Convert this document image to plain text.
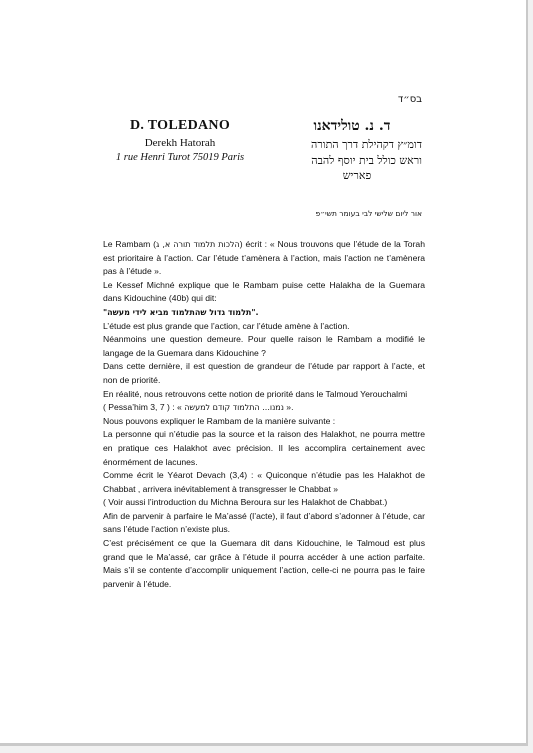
בס״ד
D. TOLEDANO
Derekh Hatorah
1 rue Henri Turot 75019 Paris
ד. נ. טולידאנו
דומ״ץ דקהילת דרך התורה
וראש כולל בית יוסף להבה
פאריש
אור ליום שלישי לבי בעומר תשי״פ

Le Rambam (הלכות תלמוד תורה א, ג) écrit : « Nous trouvons que l’étude de la Torah est prioritaire à l’action. Car l’étude t’amènera à l’action, mais l’action ne t’amènera pas à l’étude ».

Le Kessef Michné explique que le Rambam puise cette Halakha de la Guemara dans Kidouchine (40b) qui dit:

"תלמוד גדול שהתלמוד מביא לידי מעשה".

L’étude est plus grande que l’action, car l’étude amène à l’action.

Néanmoins une question demeure. Pour quelle raison le Rambam a modifié le langage de la Guemara dans Kidouchine ?

Dans cette dernière, il est question de grandeur de l’étude par rapport à l’acte, et non de priorité.

En réalité, nous retrouvons cette notion de priorité dans le Talmoud Yerouchalmi

( Pessa’him 3, 7 ) : « נמנו... התלמוד קודם למעשה ».

Nous pouvons expliquer le Rambam de la manière suivante :

La personne qui n’étudie pas la source et la raison des Halakhot, ne pourra mettre en pratique ces Halakhot avec précision. Il les accomplira certainement avec énormément de lacunes.

Comme écrit le Yéarot Devach (3,4) : « Quiconque n’étudie pas les Halakhot de Chabbat , arrivera inévitablement à transgresser le Chabbat »

( Voir aussi l’introduction du Michna Beroura sur les Halakhot de Chabbat.)

Afin de parvenir à parfaire le Ma’assé (l’acte), il faut d’abord s’adonner à l’étude, car sans l’étude l’action n’existe plus.

C’est précisément ce que la Guemara dit dans Kidouchine, le Talmoud est plus grand que le Ma’assé, car grâce à l’étude il pourra accéder à une action parfaite. Mais s’il se contente d’accomplir uniquement l’action, celle-ci ne pourra pas le faire parvenir à l’étude.
